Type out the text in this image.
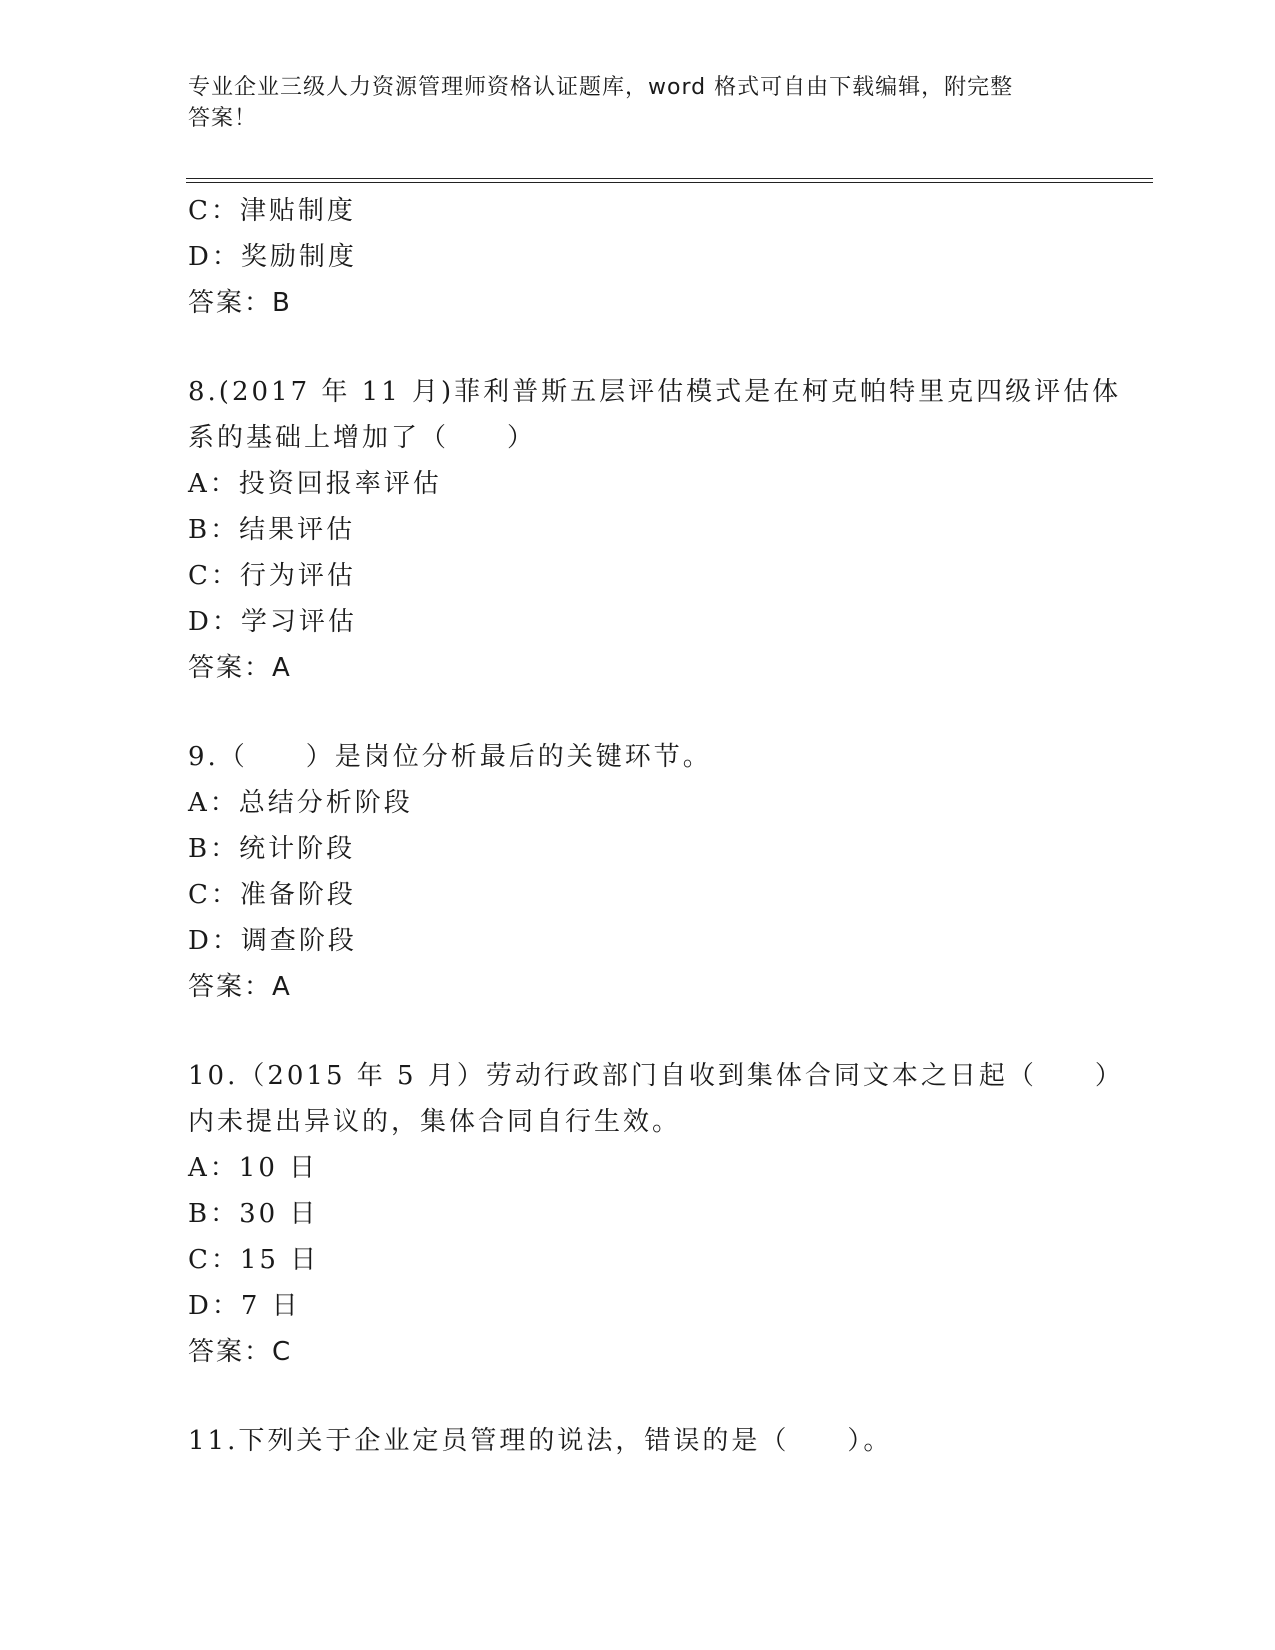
专业企业三级人力资源管理师资格认证题库，word 格式可自由下载编辑，附完整
答案！
C：津贴制度
D：奖励制度
答案：B
8.(2017 年 11 月)菲利普斯五层评估模式是在柯克帕特里克四级评估体
系的基础上增加了（　　）
A：投资回报率评估
B：结果评估
C：行为评估
D：学习评估
答案：A
9.（　　）是岗位分析最后的关键环节。
A：总结分析阶段
B：统计阶段
C：准备阶段
D：调查阶段
答案：A
10.（2015 年 5 月）劳动行政部门自收到集体合同文本之日起（　　）
内未提出异议的，集体合同自行生效。
A：10 日
B：30 日
C：15 日
D：7 日
答案：C
11.下列关于企业定员管理的说法，错误的是（　　）。
